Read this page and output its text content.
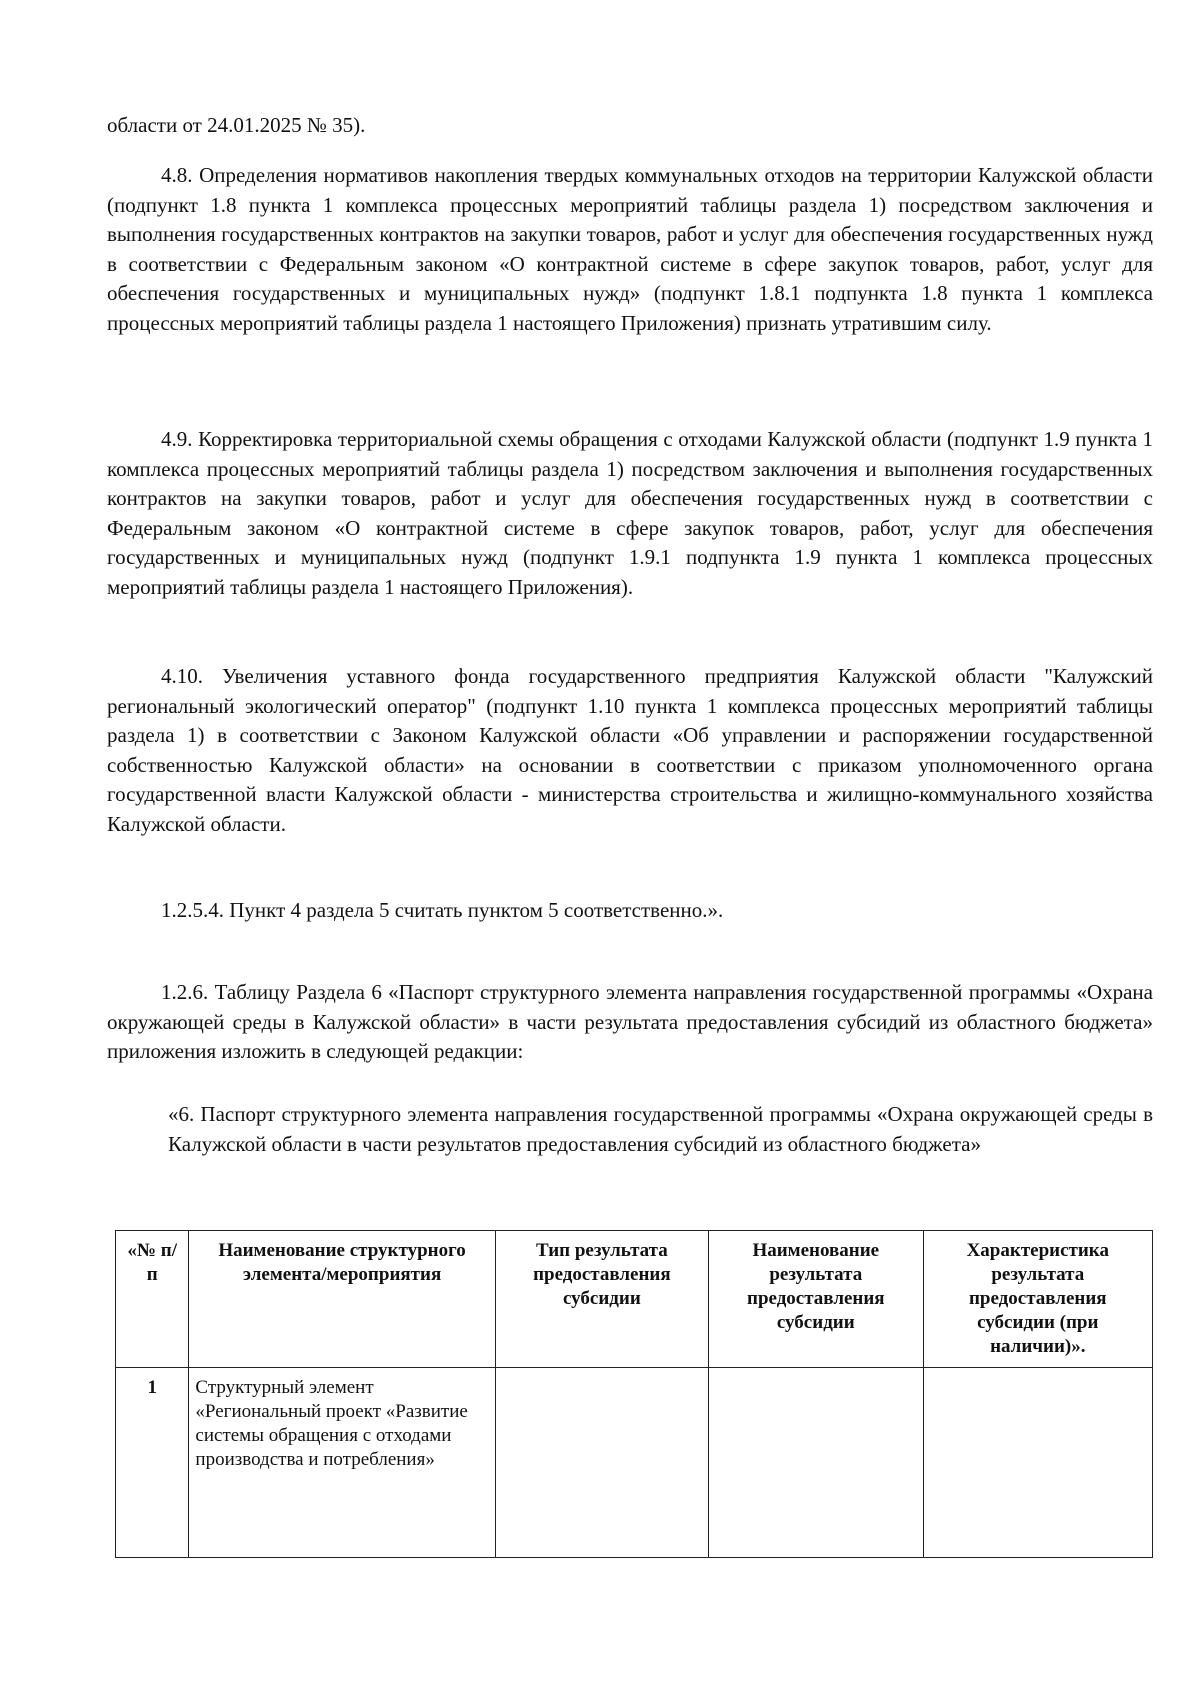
области от 24.01.2025 № 35).

4.8. Определения нормативов накопления твердых коммунальных отходов на территории Калужской области (подпункт 1.8 пункта 1 комплекса процессных мероприятий таблицы раздела 1) посредством заключения и выполнения государственных контрактов на закупки товаров, работ и услуг для обеспечения государственных нужд в соответствии с Федеральным законом «О контрактной системе в сфере закупок товаров, работ, услуг для обеспечения государственных и муниципальных нужд» (подпункт 1.8.1 подпункта 1.8 пункта 1 комплекса процессных мероприятий таблицы раздела 1 настоящего Приложения) признать утратившим силу.

4.9. Корректировка территориальной схемы обращения с отходами Калужской области (подпункт 1.9 пункта 1 комплекса процессных мероприятий таблицы раздела 1) посредством заключения и выполнения государственных контрактов на закупки товаров, работ и услуг для обеспечения государственных нужд в соответствии с Федеральным законом «О контрактной системе в сфере закупок товаров, работ, услуг для обеспечения государственных и муниципальных нужд (подпункт 1.9.1 подпункта 1.9 пункта 1 комплекса процессных мероприятий таблицы раздела 1 настоящего Приложения).

4.10. Увеличения уставного фонда государственного предприятия Калужской области "Калужский региональный экологический оператор" (подпункт 1.10 пункта 1 комплекса процессных мероприятий таблицы раздела 1) в соответствии с Законом Калужской области «Об управлении и распоряжении государственной собственностью Калужской области» на основании в соответствии с приказом уполномоченного органа государственной власти Калужской области - министерства строительства и жилищно-коммунального хозяйства Калужской области.

1.2.5.4. Пункт 4 раздела 5 считать пунктом 5 соответственно.».

1.2.6. Таблицу Раздела 6 «Паспорт структурного элемента направления государственной программы «Охрана окружающей среды в Калужской области» в части результата предоставления субсидий из областного бюджета» приложения изложить в следующей редакции:

«6. Паспорт структурного элемента направления государственной программы «Охрана окружающей среды в Калужской области в части результатов предоставления субсидий из областного бюджета»

«№ п/п	Наименование структурного элемента/мероприятия	Тип результата предоставления субсидии	Наименование результата предоставления субсидии	Характеристика результата предоставления субсидии (при наличии)».
1	Структурный элемент «Региональный проект «Развитие системы обращения с отходами производства и потребления»			
